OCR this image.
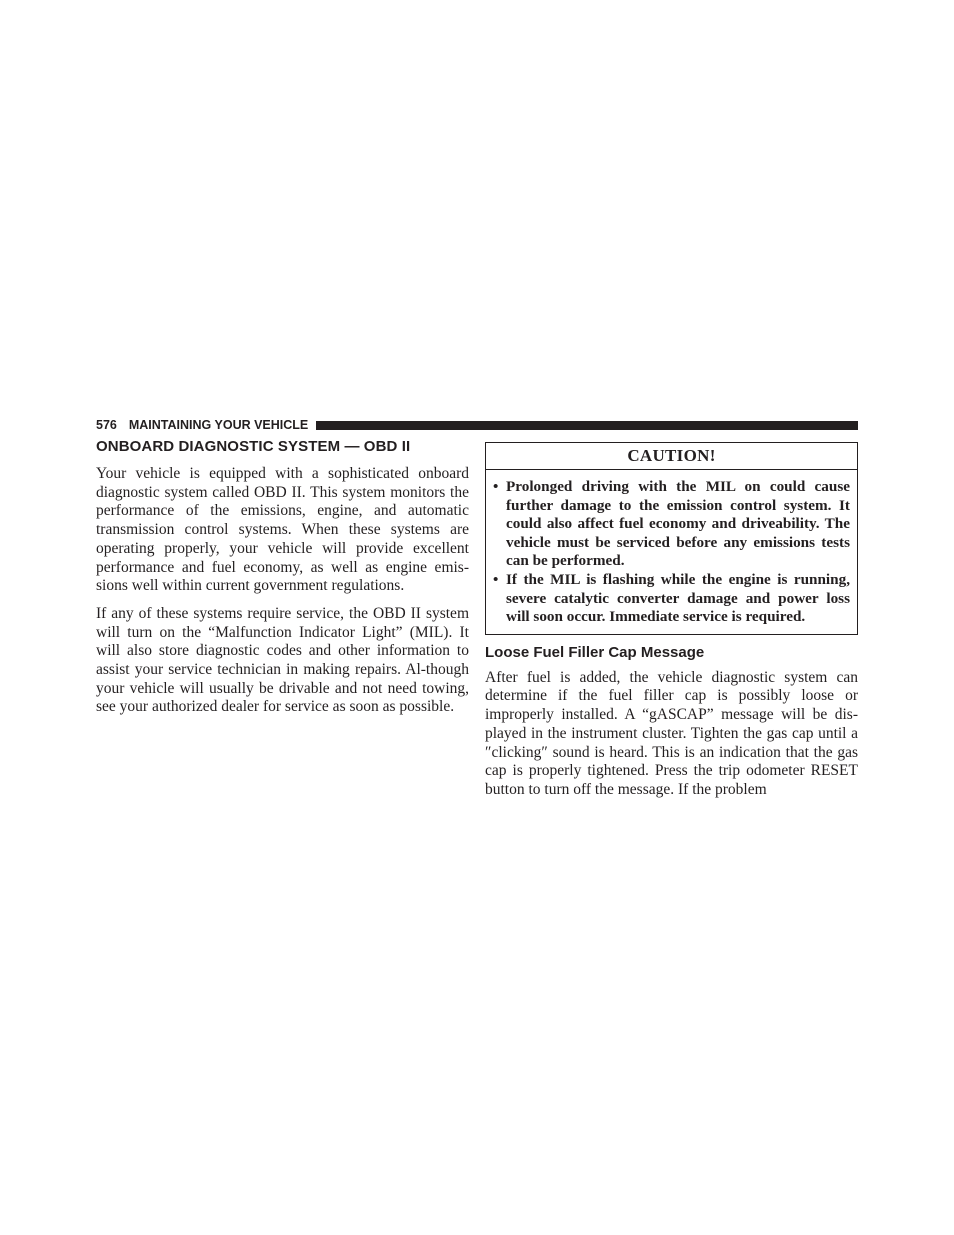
576 MAINTAINING YOUR VEHICLE
ONBOARD DIAGNOSTIC SYSTEM — OBD II

Your vehicle is equipped with a sophisticated onboard diagnostic system called OBD II. This system monitors the performance of the emissions, engine, and automatic transmission control systems. When these systems are operating properly, your vehicle will provide excellent performance and fuel economy, as well as engine emis-sions well within current government regulations.

If any of these systems require service, the OBD II system will turn on the “Malfunction Indicator Light” (MIL). It will also store diagnostic codes and other information to assist your service technician in making repairs. Al-though your vehicle will usually be drivable and not need towing, see your authorized dealer for service as soon as possible.

CAUTION!
• Prolonged driving with the MIL on could cause further damage to the emission control system. It could also affect fuel economy and driveability. The vehicle must be serviced before any emissions tests can be performed.
• If the MIL is flashing while the engine is running, severe catalytic converter damage and power loss will soon occur. Immediate service is required.
Loose Fuel Filler Cap Message

After fuel is added, the vehicle diagnostic system can determine if the fuel filler cap is possibly loose or improperly installed. A “gASCAP” message will be dis-played in the instrument cluster. Tighten the gas cap until a ″clicking″ sound is heard. This is an indication that the gas cap is properly tightened. Press the trip odometer RESET button to turn off the message. If the problem
